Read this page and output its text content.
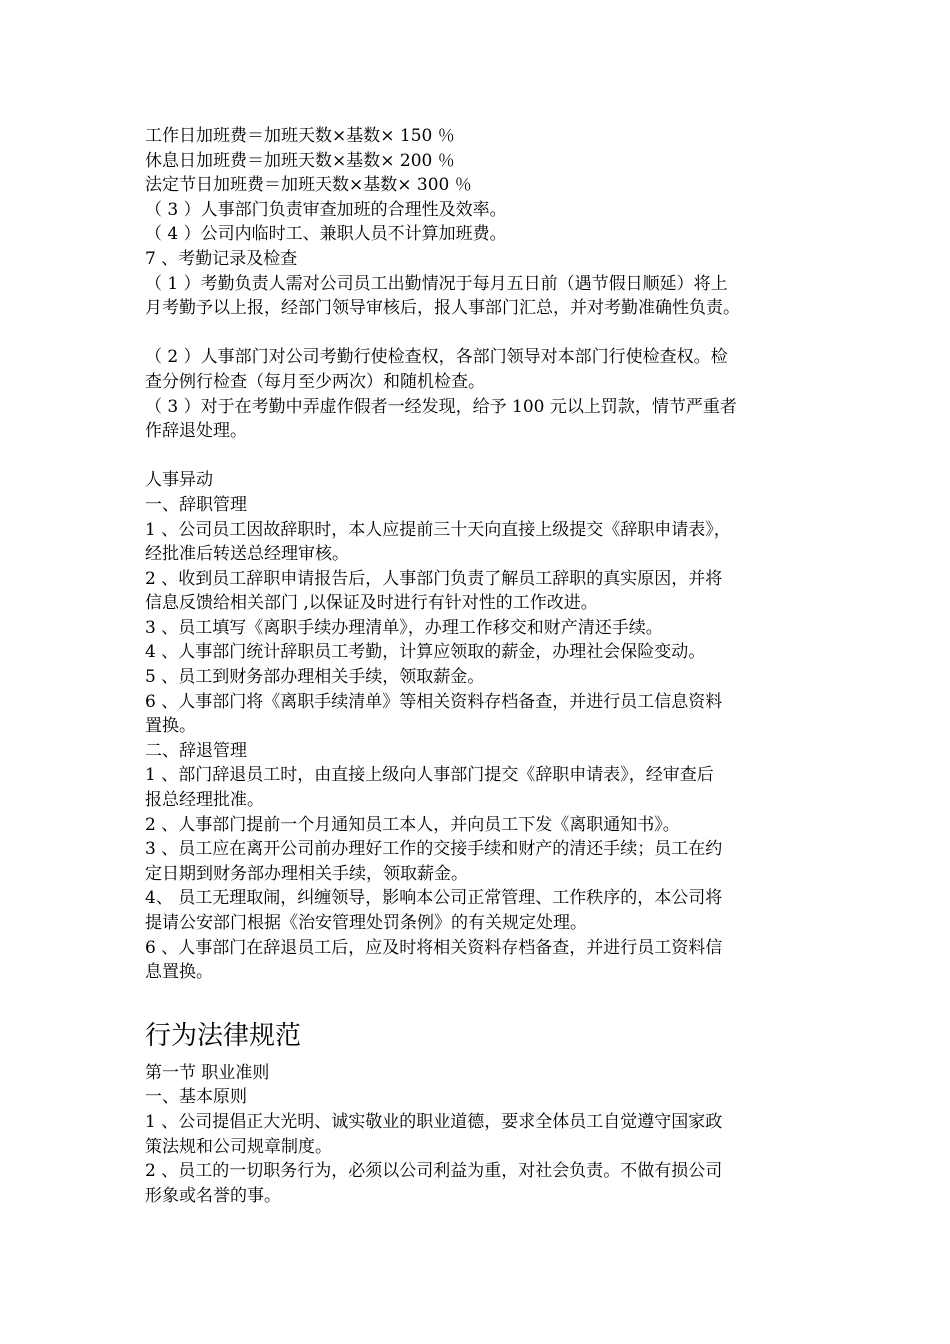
工作日加班费＝加班天数×基数× 150 ％

休息日加班费＝加班天数×基数× 200 ％

法定节日加班费＝加班天数×基数× 300 ％

（ 3 ）人事部门负责审查加班的合理性及效率。

（ 4 ）公司内临时工、兼职人员不计算加班费。

7 、考勤记录及检查

（ 1 ）考勤负责人需对公司员工出勤情况于每月五日前（遇节假日顺延）将上

月考勤予以上报，经部门领导审核后，报人事部门汇总，并对考勤准确性负责。

（ 2 ）人事部门对公司考勤行使检查权，各部门领导对本部门行使检查权。检

查分例行检查（每月至少两次）和随机检查。

（ 3 ）对于在考勤中弄虚作假者一经发现，给予 100 元以上罚款，情节严重者

作辞退处理。

人事异动

一、辞职管理

1 、公司员工因故辞职时，本人应提前三十天向直接上级提交《辞职申请表》，

经批准后转送总经理审核。

2 、收到员工辞职申请报告后，人事部门负责了解员工辞职的真实原因，并将

信息反馈给相关部门 ,以保证及时进行有针对性的工作改进。

3 、员工填写《离职手续办理清单》，办理工作移交和财产清还手续。

4 、人事部门统计辞职员工考勤，计算应领取的薪金，办理社会保险变动。

5 、员工到财务部办理相关手续，领取薪金。

6 、人事部门将《离职手续清单》等相关资料存档备查，并进行员工信息资料

置换。

二、辞退管理

1 、部门辞退员工时，由直接上级向人事部门提交《辞职申请表》，经审查后

报总经理批准。

2 、人事部门提前一个月通知员工本人，并向员工下发《离职通知书》。

3 、员工应在离开公司前办理好工作的交接手续和财产的清还手续；员工在约

定日期到财务部办理相关手续，领取薪金。

4、 员工无理取闹，纠缠领导，影响本公司正常管理、工作秩序的，本公司将

提请公安部门根据《治安管理处罚条例》的有关规定处理。

6 、人事部门在辞退员工后，应及时将相关资料存档备查，并进行员工资料信

息置换。

行为法律规范

第一节 职业准则

一、基本原则

1 、公司提倡正大光明、诚实敬业的职业道德，要求全体员工自觉遵守国家政

策法规和公司规章制度。

2 、员工的一切职务行为，必须以公司利益为重，对社会负责。不做有损公司

形象或名誉的事。
